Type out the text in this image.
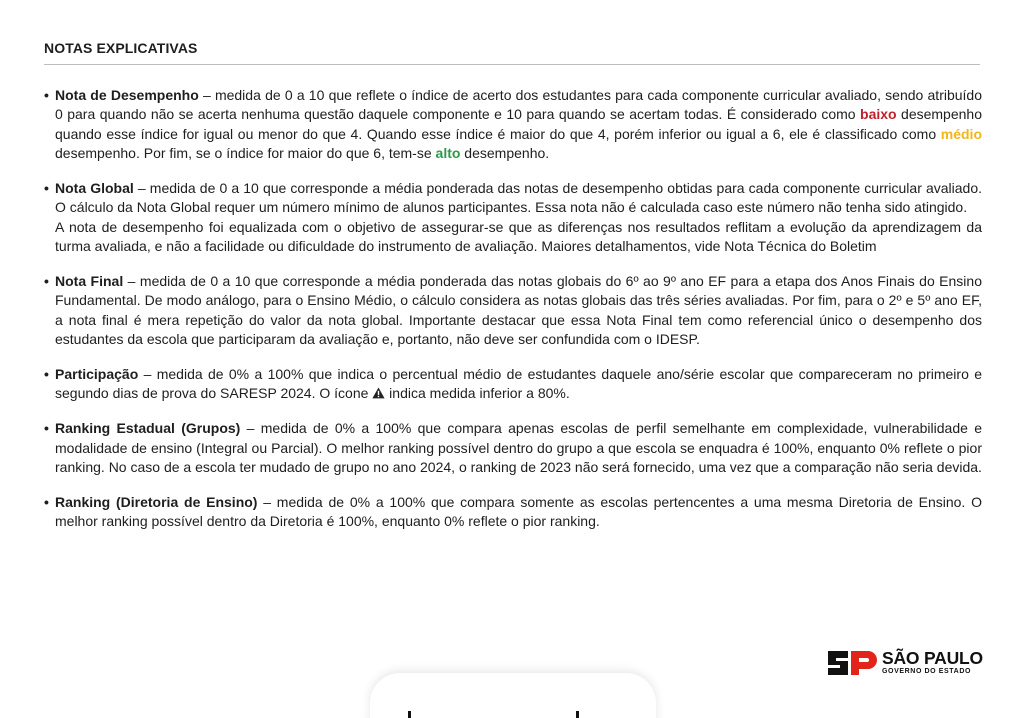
NOTAS EXPLICATIVAS
• Nota de Desempenho – medida de 0 a 10 que reflete o índice de acerto dos estudantes para cada componente curricular avaliado, sendo atribuído 0 para quando não se acerta nenhuma questão daquele componente e 10 para quando se acertam todas. É considerado como baixo desempenho quando esse índice for igual ou menor do que 4. Quando esse índice é maior do que 4, porém inferior ou igual a 6, ele é classificado como médio desempenho. Por fim, se o índice for maior do que 6, tem-se alto desempenho.
• Nota Global – medida de 0 a 10 que corresponde a média ponderada das notas de desempenho obtidas para cada componente curricular avaliado. O cálculo da Nota Global requer um número mínimo de alunos participantes. Essa nota não é calculada caso este número não tenha sido atingido.
A nota de desempenho foi equalizada com o objetivo de assegurar-se que as diferenças nos resultados reflitam a evolução da aprendizagem da turma avaliada, e não a facilidade ou dificuldade do instrumento de avaliação. Maiores detalhamentos, vide Nota Técnica do Boletim
• Nota Final – medida de 0 a 10 que corresponde a média ponderada das notas globais do 6º ao 9º ano EF para a etapa dos Anos Finais do Ensino Fundamental. De modo análogo, para o Ensino Médio, o cálculo considera as notas globais das três séries avaliadas. Por fim, para o 2º e 5º ano EF, a nota final é mera repetição do valor da nota global. Importante destacar que essa Nota Final tem como referencial único o desempenho dos estudantes da escola que participaram da avaliação e, portanto, não deve ser confundida com o IDESP.
• Participação – medida de 0% a 100% que indica o percentual médio de estudantes daquele ano/série escolar que compareceram no primeiro e segundo dias de prova do SARESP 2024. O ícone  indica medida inferior a 80%.
• Ranking Estadual (Grupos) – medida de 0% a 100% que compara apenas escolas de perfil semelhante em complexidade, vulnerabilidade e modalidade de ensino (Integral ou Parcial). O melhor ranking possível dentro do grupo a que escola se enquadra é 100%, enquanto 0% reflete o pior ranking. No caso de a escola ter mudado de grupo no ano 2024, o ranking de 2023 não será fornecido, uma vez que a comparação não seria devida.
• Ranking (Diretoria de Ensino) – medida de 0% a 100% que compara somente as escolas pertencentes a uma mesma Diretoria de Ensino. O melhor ranking possível dentro da Diretoria é 100%, enquanto 0% reflete o pior ranking.
SÃO PAULO
GOVERNO DO ESTADO
